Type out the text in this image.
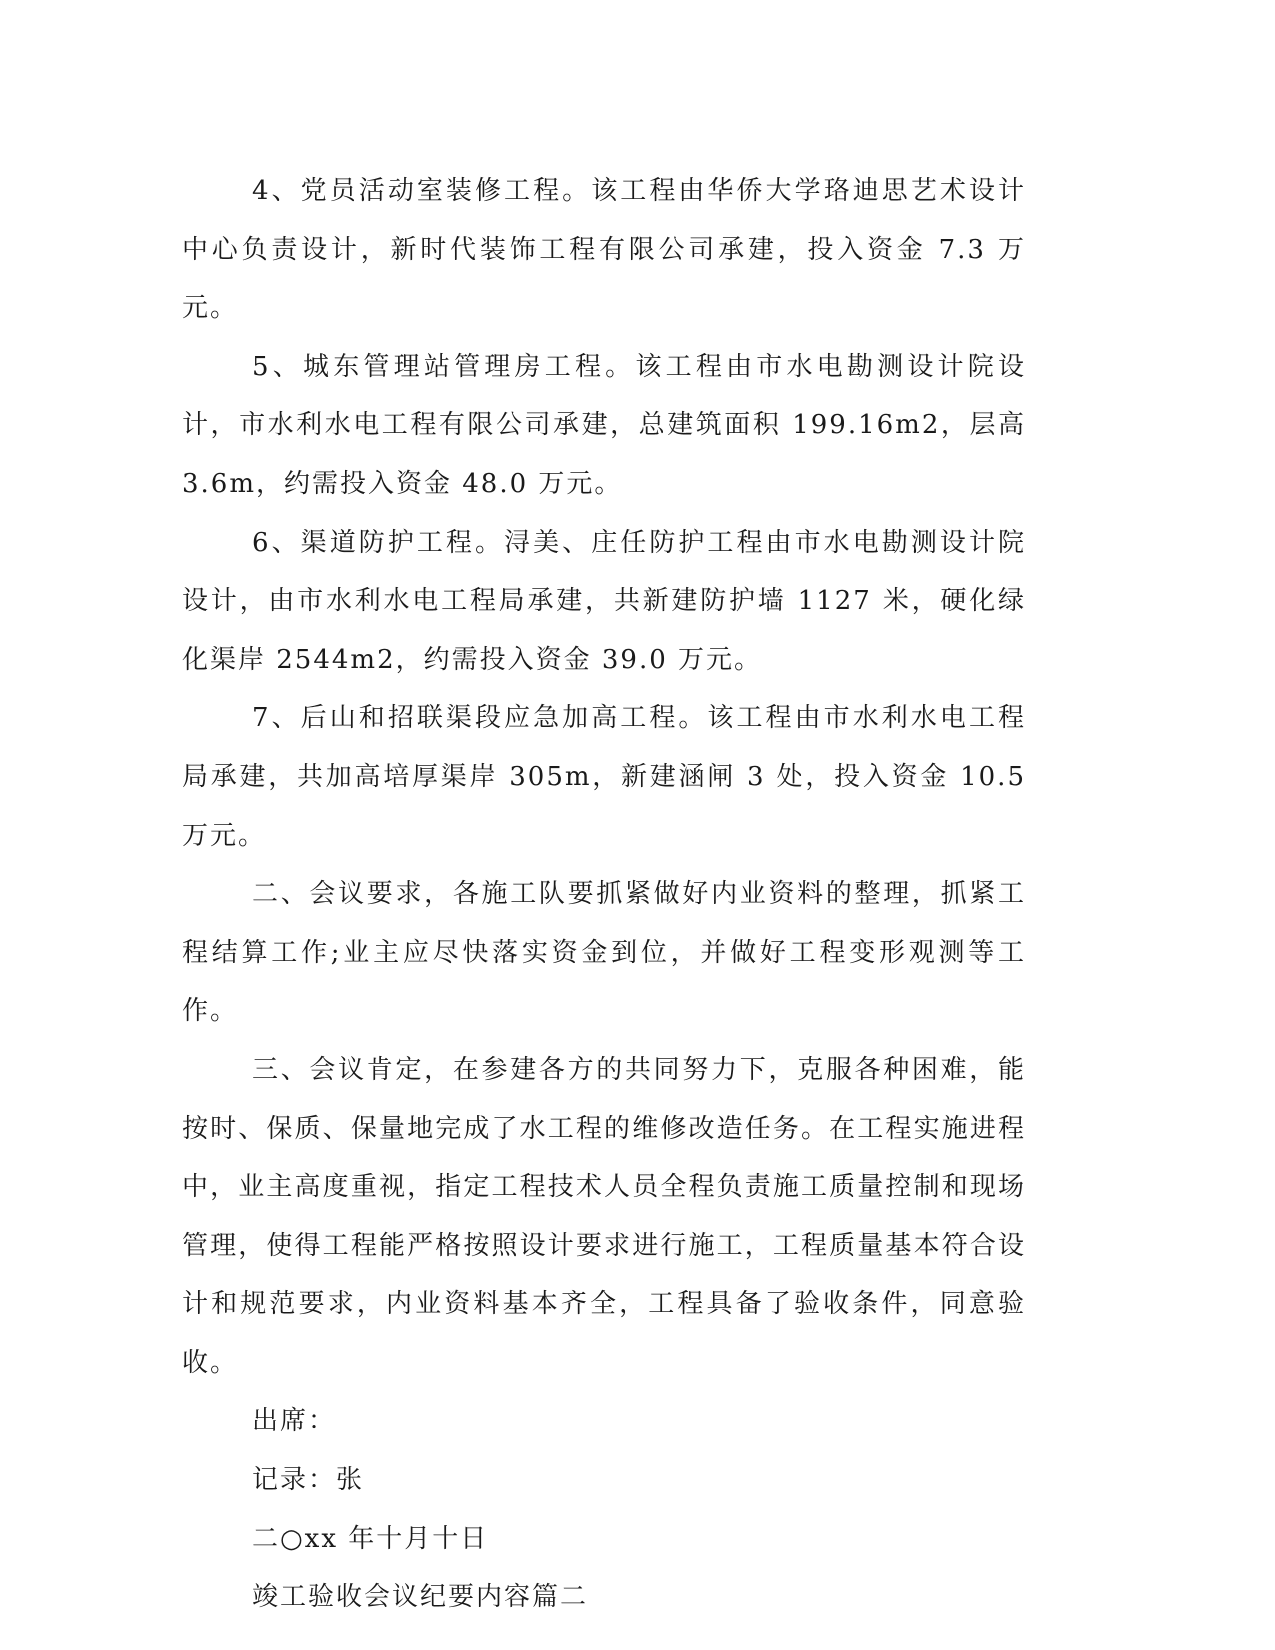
4、党员活动室装修工程。该工程由华侨大学珞迪思艺术设计中心负责设计，新时代装饰工程有限公司承建，投入资金 7.3 万元。

5、城东管理站管理房工程。该工程由市水电勘测设计院设计，市水利水电工程有限公司承建，总建筑面积 199.16m2，层高 3.6m，约需投入资金 48.0 万元。

6、渠道防护工程。浔美、庄任防护工程由市水电勘测设计院设计，由市水利水电工程局承建，共新建防护墙 1127 米，硬化绿化渠岸 2544m2，约需投入资金 39.0 万元。

7、后山和招联渠段应急加高工程。该工程由市水利水电工程局承建，共加高培厚渠岸 305m，新建涵闸 3 处，投入资金 10.5 万元。

二、会议要求，各施工队要抓紧做好内业资料的整理，抓紧工程结算工作;业主应尽快落实资金到位，并做好工程变形观测等工作。

三、会议肯定，在参建各方的共同努力下，克服各种困难，能按时、保质、保量地完成了水工程的维修改造任务。在工程实施进程中，业主高度重视，指定工程技术人员全程负责施工质量控制和现场管理，使得工程能严格按照设计要求进行施工，工程质量基本符合设计和规范要求，内业资料基本齐全，工程具备了验收条件，同意验收。

出席：

记录：张

二○xx 年十月十日

竣工验收会议纪要内容篇二
